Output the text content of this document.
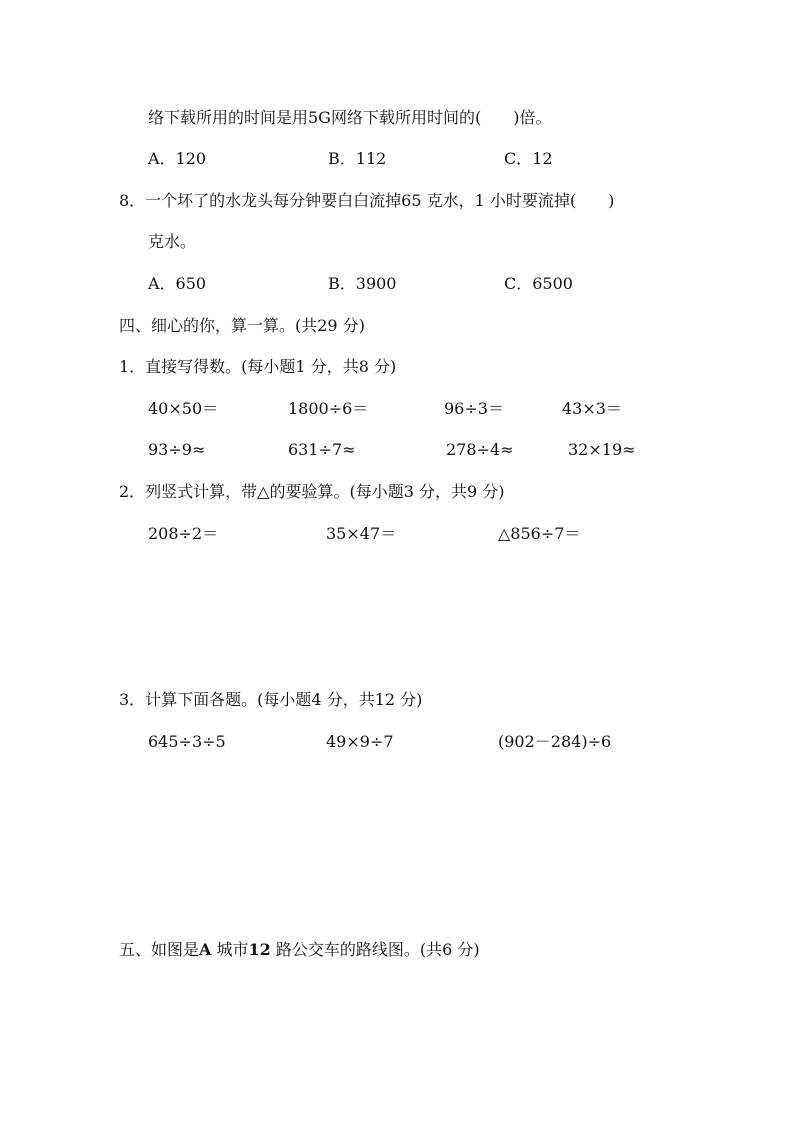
络下载所用的时间是用5G网络下载所用时间的(　　)倍。
A．120	B．112	C．12
8．一个坏了的水龙头每分钟要白白流掉65 克水，1 小时要流掉(　　)
克水。
A．650	B．3900	C．6500
四、细心的你，算一算。(共29 分)
1．直接写得数。(每小题1 分，共8 分)
40×50＝	1800÷6＝	96÷3＝	43×3＝
93÷9≈	631÷7≈	278÷4≈	32×19≈
2．列竖式计算，带△的要验算。(每小题3 分，共9 分)
208÷2＝	35×47＝	△856÷7＝
3．计算下面各题。(每小题4 分，共12 分)
645÷3÷5	49×9÷7	(902－284)÷6
五、如图是A 城市12 路公交车的路线图。(共6 分)
